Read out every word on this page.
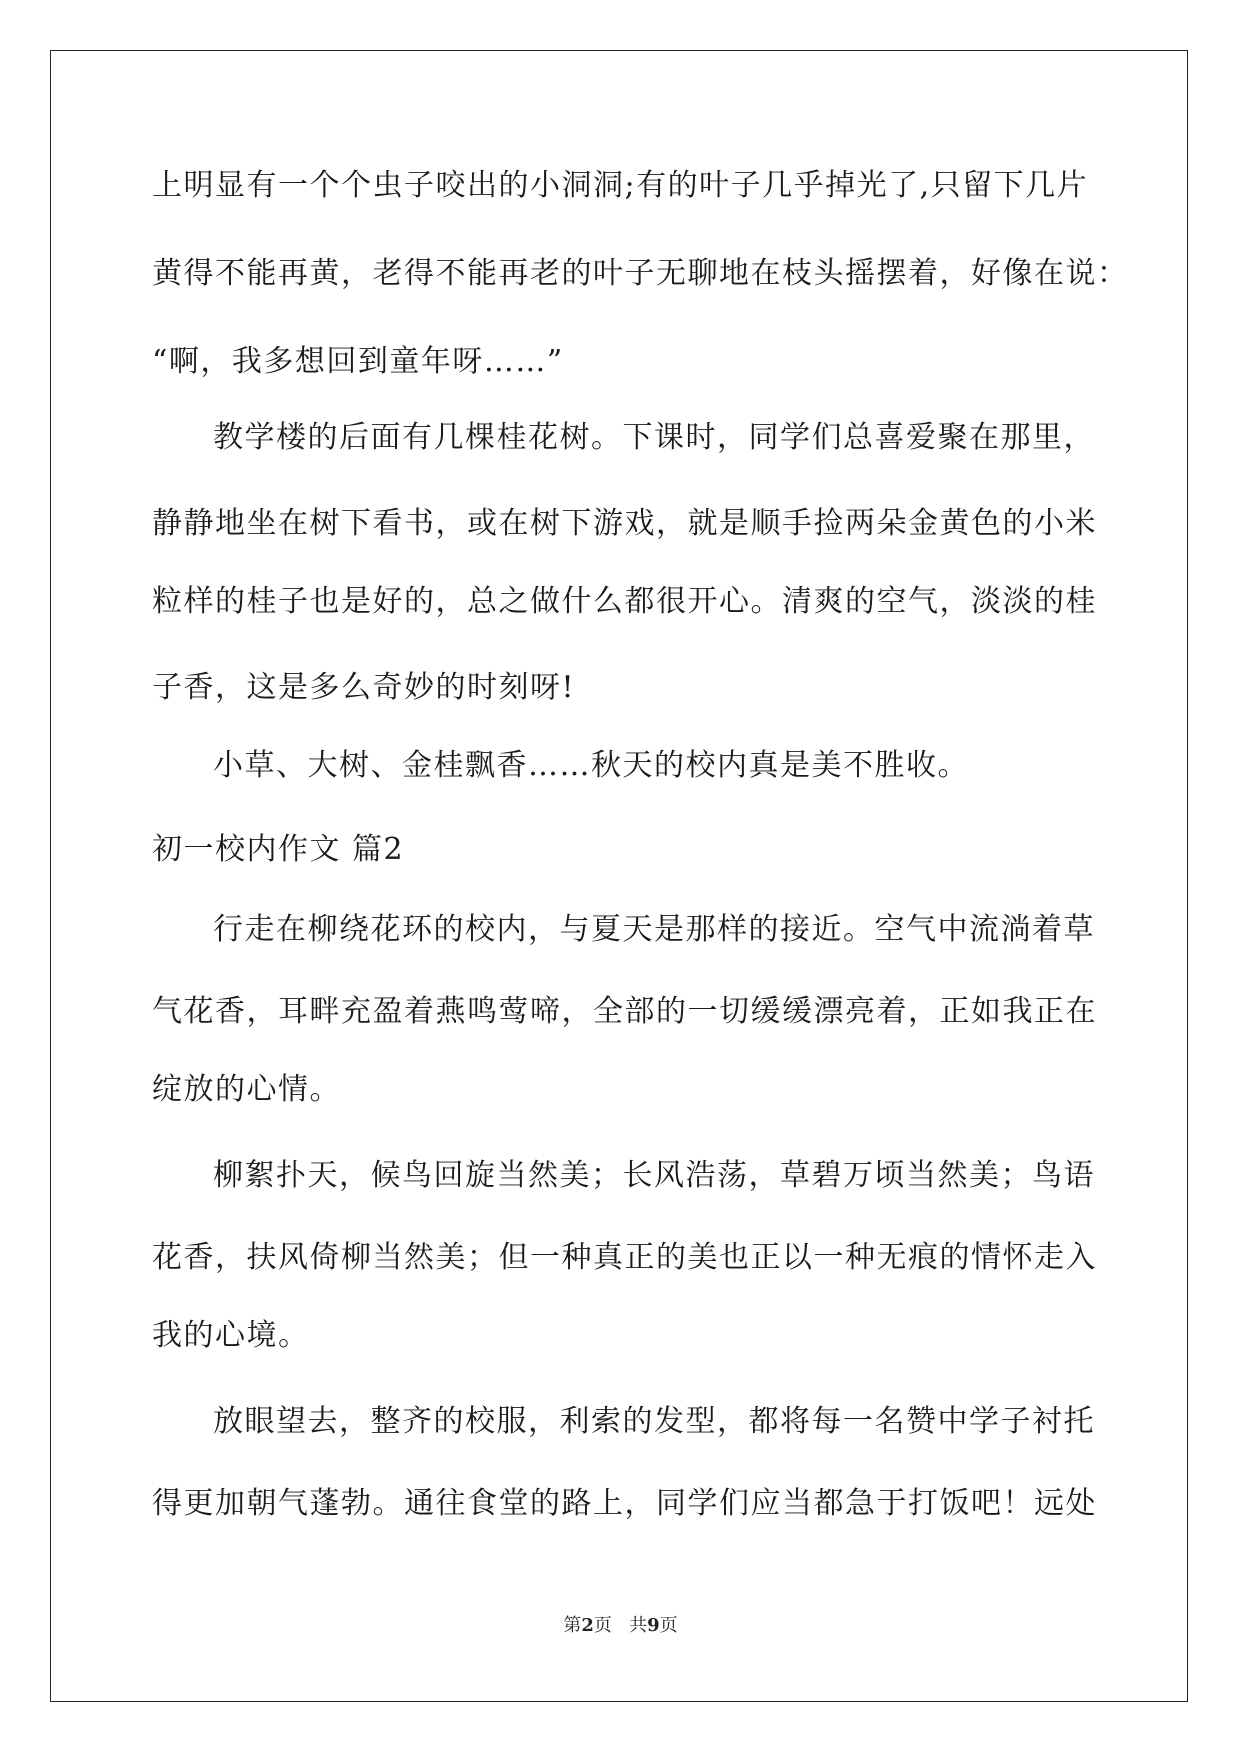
上明显有一个个虫子咬出的小洞洞;有的叶子几乎掉光了,只留下几片
黄得不能再黄，老得不能再老的叶子无聊地在枝头摇摆着，好像在说：
“啊，我多想回到童年呀……”
教学楼的后面有几棵桂花树。下课时，同学们总喜爱聚在那里，
静静地坐在树下看书，或在树下游戏，就是顺手捡两朵金黄色的小米
粒样的桂子也是好的，总之做什么都很开心。清爽的空气，淡淡的桂
子香，这是多么奇妙的时刻呀!
小草、大树、金桂飘香……秋天的校内真是美不胜收。
初一校内作文 篇2
行走在柳绕花环的校内，与夏天是那样的接近。空气中流淌着草
气花香，耳畔充盈着燕鸣莺啼，全部的一切缓缓漂亮着，正如我正在
绽放的心情。
柳絮扑天，候鸟回旋当然美；长风浩荡，草碧万顷当然美；鸟语
花香，扶风倚柳当然美；但一种真正的美也正以一种无痕的情怀走入
我的心境。
放眼望去，整齐的校服，利索的发型，都将每一名赞中学子衬托
得更加朝气蓬勃。通往食堂的路上，同学们应当都急于打饭吧！远处
第2页 共9页
